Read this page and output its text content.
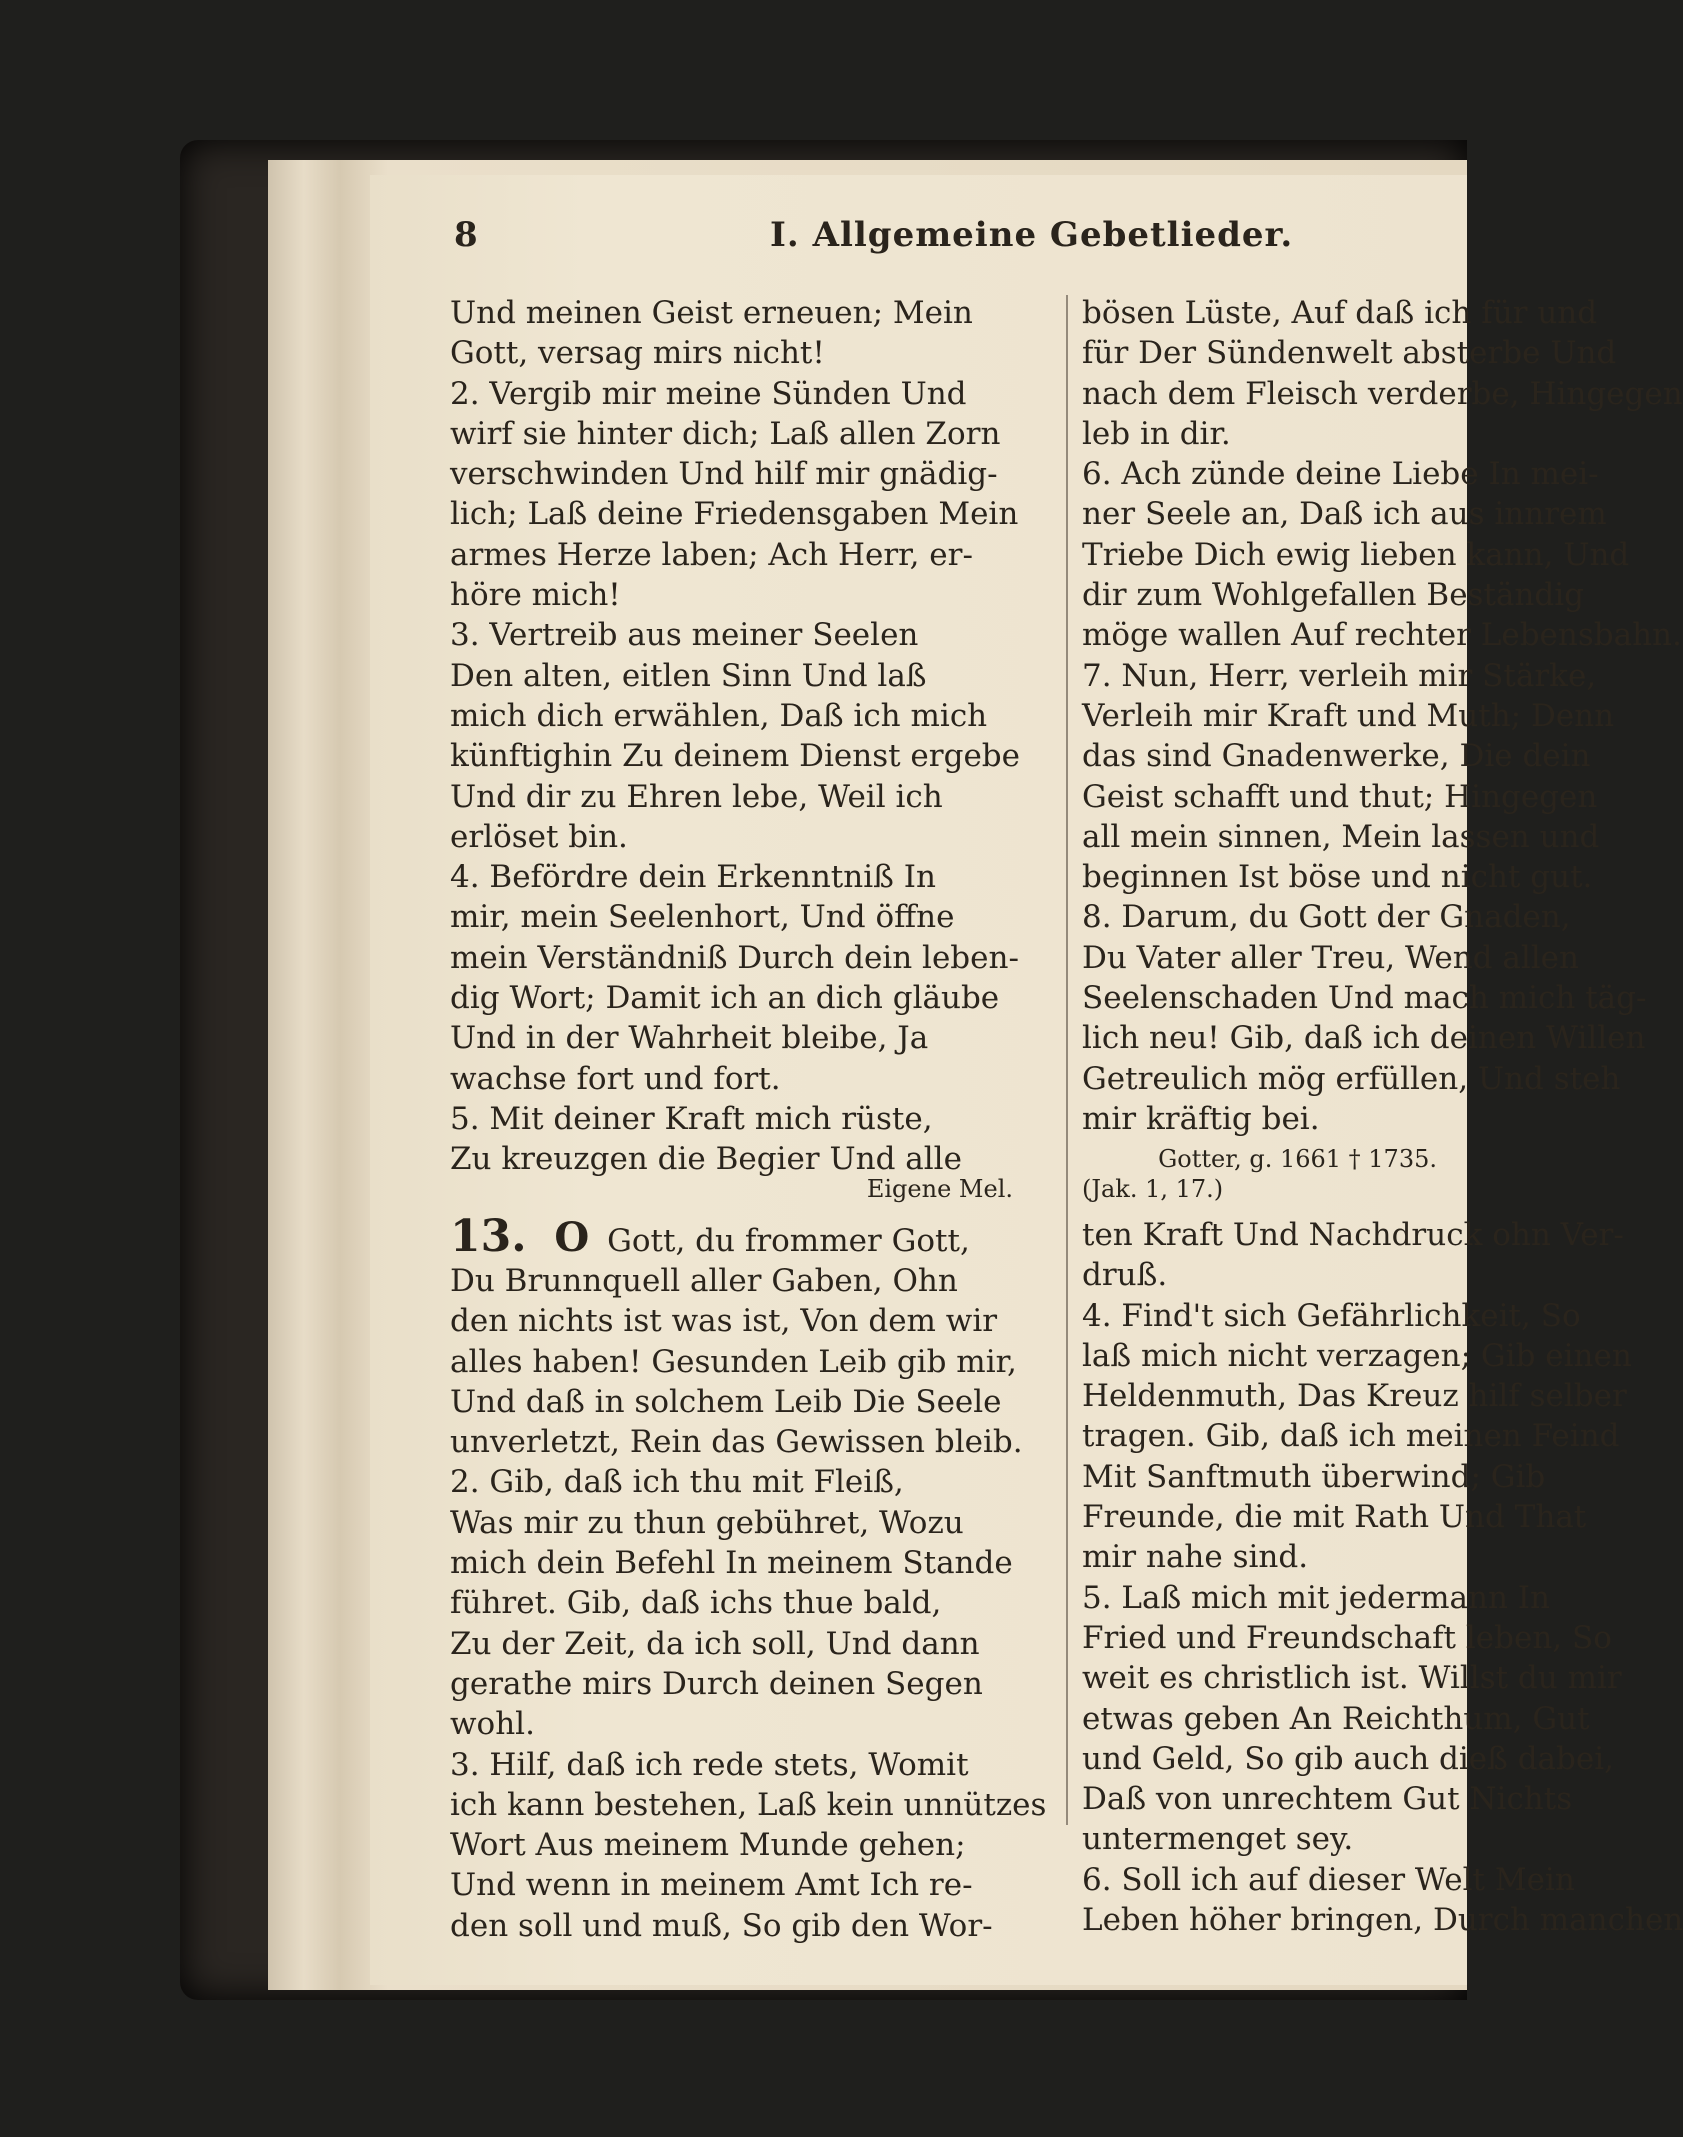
8	I. Allgemeine Gebetlieder.
Und meinen Geist erneuen; Mein
Gott, versag mirs nicht!
2. Vergib mir meine Sünden Und
wirf sie hinter dich; Laß allen Zorn
verschwinden Und hilf mir gnädig-
lich; Laß deine Friedensgaben Mein
armes Herze laben; Ach Herr, er-
höre mich!
3. Vertreib aus meiner Seelen
Den alten, eitlen Sinn Und laß
mich dich erwählen, Daß ich mich
künftighin Zu deinem Dienst ergebe
Und dir zu Ehren lebe, Weil ich
erlöset bin.
4. Befördre dein Erkenntniß In
mir, mein Seelenhort, Und öffne
mein Verständniß Durch dein leben-
dig Wort; Damit ich an dich gläube
Und in der Wahrheit bleibe, Ja
wachse fort und fort.
5. Mit deiner Kraft mich rüste,
Zu kreuzgen die Begier Und alle
bösen Lüste, Auf daß ich für und
für Der Sündenwelt absterbe Und
nach dem Fleisch verderbe, Hingegen
leb in dir.
6. Ach zünde deine Liebe In mei-
ner Seele an, Daß ich aus innrem
Triebe Dich ewig lieben kann, Und
dir zum Wohlgefallen Beständig
möge wallen Auf rechter Lebensbahn.
7. Nun, Herr, verleih mir Stärke,
Verleih mir Kraft und Muth; Denn
das sind Gnadenwerke, Die dein
Geist schafft und thut; Hingegen
all mein sinnen, Mein lassen und
beginnen Ist böse und nicht gut.
8. Darum, du Gott der Gnaden,
Du Vater aller Treu, Wend allen
Seelenschaden Und mach mich täg-
lich neu! Gib, daß ich deinen Willen
Getreulich mög erfüllen, Und steh
mir kräftig bei.
Gotter, g. 1661 † 1735.
Eigene Mel.	(Jak. 1, 17.)
13. O Gott, du frommer Gott,
Du Brunnquell aller Gaben, Ohn
den nichts ist was ist, Von dem wir
alles haben! Gesunden Leib gib mir,
Und daß in solchem Leib Die Seele
unverletzt, Rein das Gewissen bleib.
2. Gib, daß ich thu mit Fleiß,
Was mir zu thun gebühret, Wozu
mich dein Befehl In meinem Stande
führet. Gib, daß ichs thue bald,
Zu der Zeit, da ich soll, Und dann
gerathe mirs Durch deinen Segen
wohl.
3. Hilf, daß ich rede stets, Womit
ich kann bestehen, Laß kein unnützes
Wort Aus meinem Munde gehen;
Und wenn in meinem Amt Ich re-
den soll und muß, So gib den Wor-
ten Kraft Und Nachdruck ohn Ver-
druß.
4. Find't sich Gefährlichkeit, So
laß mich nicht verzagen; Gib einen
Heldenmuth, Das Kreuz hilf selber
tragen. Gib, daß ich meinen Feind
Mit Sanftmuth überwind; Gib
Freunde, die mit Rath Und That
mir nahe sind.
5. Laß mich mit jedermann In
Fried und Freundschaft leben, So
weit es christlich ist. Willst du mir
etwas geben An Reichthum, Gut
und Geld, So gib auch dieß dabei,
Daß von unrechtem Gut Nichts
untermenget sey.
6. Soll ich auf dieser Welt Mein
Leben höher bringen, Durch manchen
